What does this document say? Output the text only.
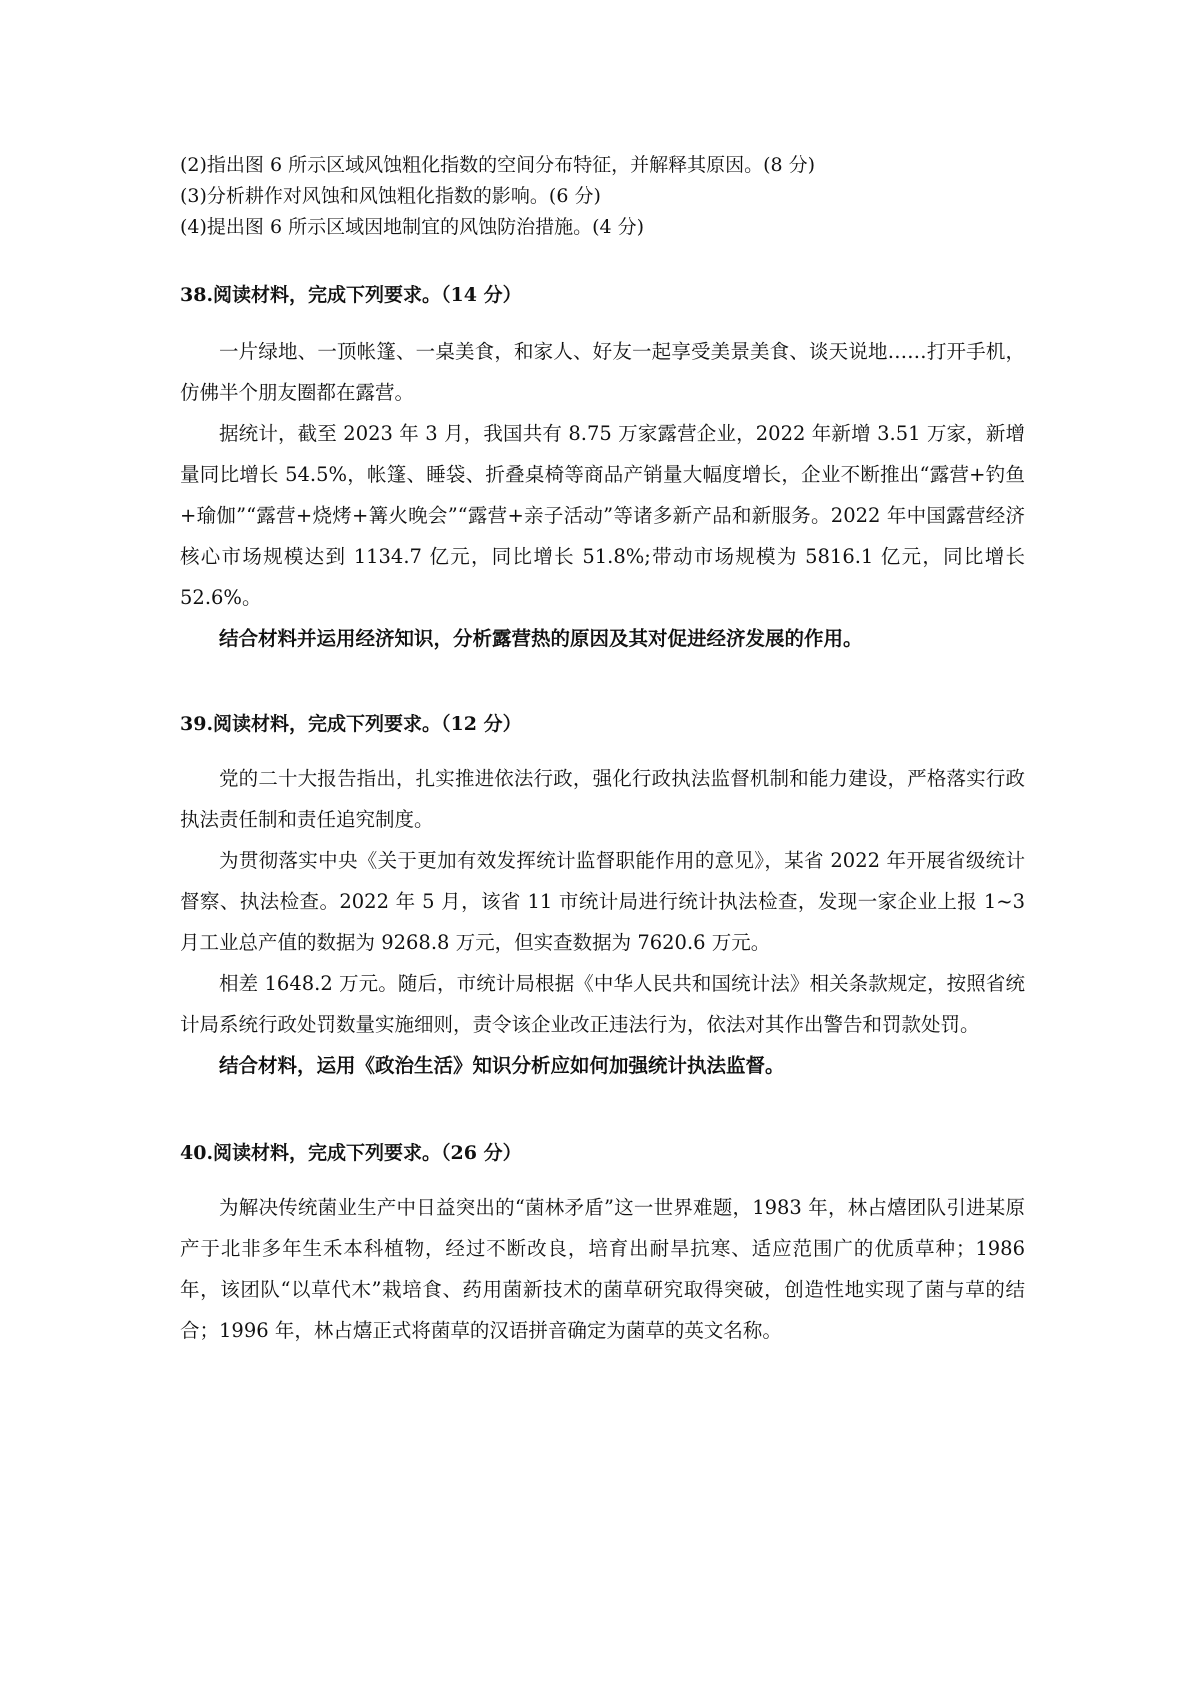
(2)指出图 6 所示区域风蚀粗化指数的空间分布特征，并解释其原因。(8 分)

(3)分析耕作对风蚀和风蚀粗化指数的影响。(6 分)

(4)提出图 6 所示区域因地制宜的风蚀防治措施。(4 分)

38.阅读材料，完成下列要求。（14 分）

一片绿地、一顶帐篷、一桌美食，和家人、好友一起享受美景美食、谈天说地……打开手机，仿佛半个朋友圈都在露营。

据统计，截至 2023 年 3 月，我国共有 8.75 万家露营企业，2022 年新增 3.51 万家，新增量同比增长 54.5%，帐篷、睡袋、折叠桌椅等商品产销量大幅度增长，企业不断推出“露营+钓鱼+瑜伽”“露营+烧烤+篝火晚会”“露营+亲子活动”等诸多新产品和新服务。2022 年中国露营经济核心市场规模达到 1134.7 亿元，同比增长 51.8%;带动市场规模为 5816.1 亿元，同比增长 52.6%。

结合材料并运用经济知识，分析露营热的原因及其对促进经济发展的作用。

39.阅读材料，完成下列要求。（12 分）

党的二十大报告指出，扎实推进依法行政，强化行政执法监督机制和能力建设，严格落实行政执法责任制和责任追究制度。

为贯彻落实中央《关于更加有效发挥统计监督职能作用的意见》，某省 2022 年开展省级统计督察、执法检查。2022 年 5 月，该省 11 市统计局进行统计执法检查，发现一家企业上报 1~3 月工业总产值的数据为 9268.8 万元，但实查数据为 7620.6 万元。

相差 1648.2 万元。随后，市统计局根据《中华人民共和国统计法》相关条款规定，按照省统计局系统行政处罚数量实施细则，责令该企业改正违法行为，依法对其作出警告和罚款处罚。

结合材料，运用《政治生活》知识分析应如何加强统计执法监督。

40.阅读材料，完成下列要求。（26 分）

为解决传统菌业生产中日益突出的“菌林矛盾”这一世界难题，1983 年，林占熺团队引进某原产于北非多年生禾本科植物，经过不断改良，培育出耐旱抗寒、适应范围广的优质草种；1986 年，该团队“以草代木”栽培食、药用菌新技术的菌草研究取得突破，创造性地实现了菌与草的结合；1996 年，林占熺正式将菌草的汉语拼音确定为菌草的英文名称。
